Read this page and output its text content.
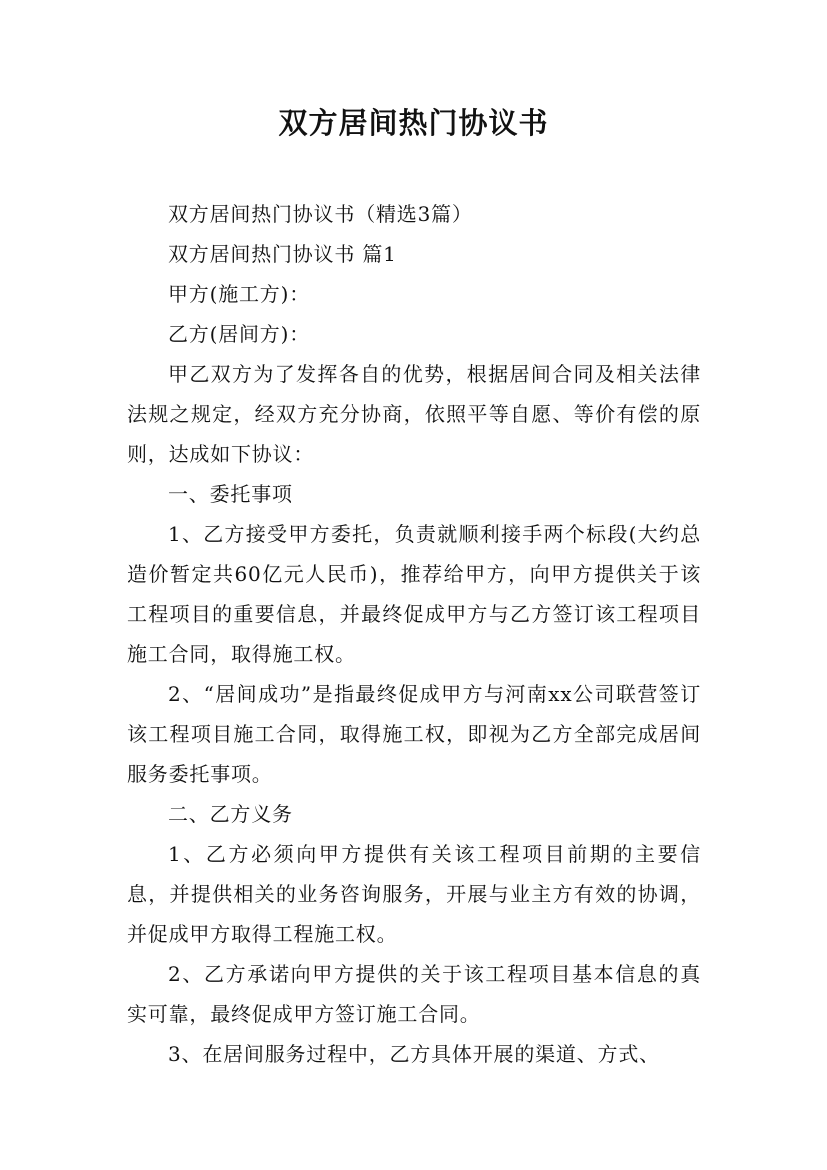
双方居间热门协议书

双方居间热门协议书（精选3篇）

双方居间热门协议书 篇1

甲方(施工方)：

乙方(居间方)：

甲乙双方为了发挥各自的优势，根据居间合同及相关法律法规之规定，经双方充分协商，依照平等自愿、等价有偿的原则，达成如下协议：

一、委托事项

1、乙方接受甲方委托，负责就顺利接手两个标段(大约总造价暂定共60亿元人民币)，推荐给甲方，向甲方提供关于该工程项目的重要信息，并最终促成甲方与乙方签订该工程项目施工合同，取得施工权。

2、“居间成功”是指最终促成甲方与河南xx公司联营签订该工程项目施工合同，取得施工权，即视为乙方全部完成居间服务委托事项。

二、乙方义务

1、乙方必须向甲方提供有关该工程项目前期的主要信息，并提供相关的业务咨询服务，开展与业主方有效的协调，并促成甲方取得工程施工权。

2、乙方承诺向甲方提供的关于该工程项目基本信息的真实可靠，最终促成甲方签订施工合同。

3、在居间服务过程中，乙方具体开展的渠道、方式、
